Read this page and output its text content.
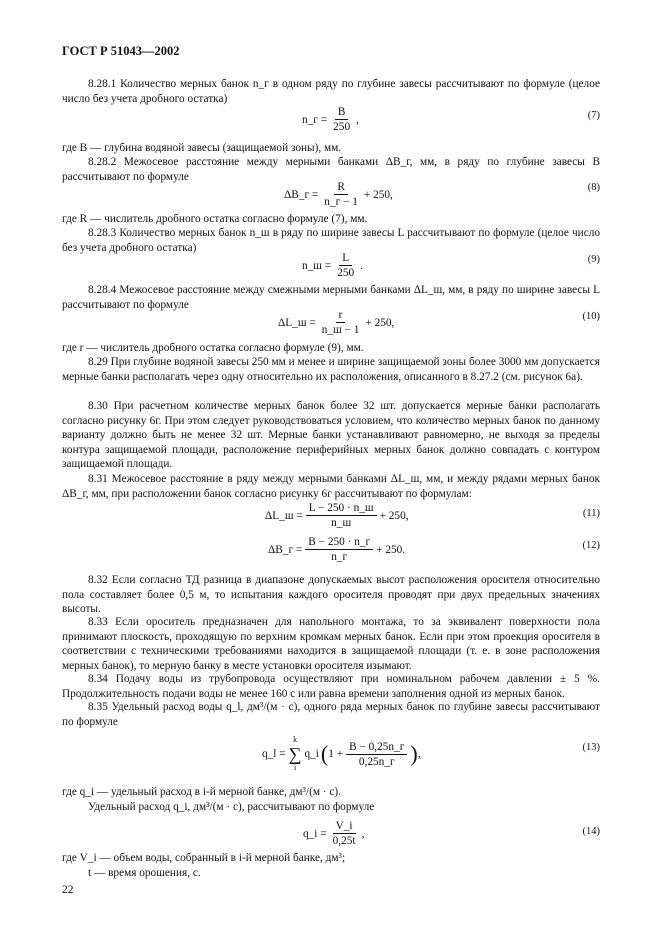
ГОСТ Р 51043—2002
8.28.1 Количество мерных банок n_г в одном ряду по глубине завесы рассчитывают по формуле (целое число без учета дробного остатка)
n_г = $\frac{B}{250}$ ,	(7)
где B — глубина водяной завесы (защищаемой зоны), мм.
8.28.2 Межосевое расстояние между мерными банками ΔB_г, мм, в ряду по глубине завесы B рассчитывают по формуле
ΔB_г = $\frac{R}{n\_г - 1} + 250$,
(8)
где R — числитель дробного остатка согласно формуле (7), мм.
8.28.3 Количество мерных банок n_ш в ряду по ширине завесы L рассчитывают по формуле (целое число без учета дробного остатка)
n_ш = $\frac{L}{250}$ .	(9)
8.28.4 Межосевое расстояние между смежными мерными банками ΔL_ш, мм, в ряду по ширине завесы L рассчитывают по формуле
ΔL_ш = $\frac{r}{n\_ш - 1} + 250$,	(10)
где r — числитель дробного остатка согласно формуле (9), мм.
8.29 При глубине водяной завесы 250 мм и менее и ширине защищаемой зоны более 3000 мм допускается мерные банки располагать через одну относительно их расположения, описанного в 8.27.2 (см. рисунок 6а).
8.30 При расчетном количестве мерных банок более 32 шт. допускается мерные банки располагать согласно рисунку 6г. При этом следует руководствоваться условием, что количество мерных банок по данному варианту должно быть не менее 32 шт. Мерные банки устанавливают равномерно, не выходя за пределы контура защищаемой площади, расположение периферийных мерных банок должно совпадать с контуром защищаемой площади.
8.31 Межосевое расстояние в ряду между мерными банками ΔL_ш, мм, и между рядами мерных банок ΔB_г, мм, при расположении банок согласно рисунку 6г рассчитывают по формулам:
ΔL_ш = $\frac{L - 250 \cdot n\_ш}{n\_ш} + 250$,	(11)
ΔB_г = $\frac{B - 250 \cdot n\_г}{n\_г} + 250$.	(12)
8.32 Если согласно ТД разница в диапазоне допускаемых высот расположения оросителя относительно пола составляет более 0,5 м, то испытания каждого оросителя проводят при двух предельных значениях высоты.
8.33 Если ороситель предназначен для напольного монтажа, то за эквивалент поверхности пола принимают плоскость, проходящую по верхним кромкам мерных банок. Если при этом проекция оросителя в соответствии с техническими требованиями находится в защищаемой площади (т. е. в зоне расположения мерных банок), то мерную банку в месте установки оросителя изымают.
8.34 Подачу воды из трубопровода осуществляют при номинальном рабочем давлении ± 5 %. Продолжительность подачи воды не менее 160 с или равна времени заполнения одной из мерных банок.
8.35 Удельный расход воды q_l, дм³/(м · с), одного ряда мерных банок по глубине завесы рассчитывают по формуле
q_l =
k
∑
i
q_i ( $1 + \frac{B - 0,25n\_г}{0,25n\_г}$ ) ,
(13)
где q_i — удельный расход в i-й мерной банке, дм³/(м · с).
Удельный расход q_i, дм³/(м · с), рассчитывают по формуле
q_i = $\frac{V\_i}{0,25t}$ ,	(14)
где V_i — объем воды, собранный в i-й мерной банке, дм³;
t — время орошения, с.
22
